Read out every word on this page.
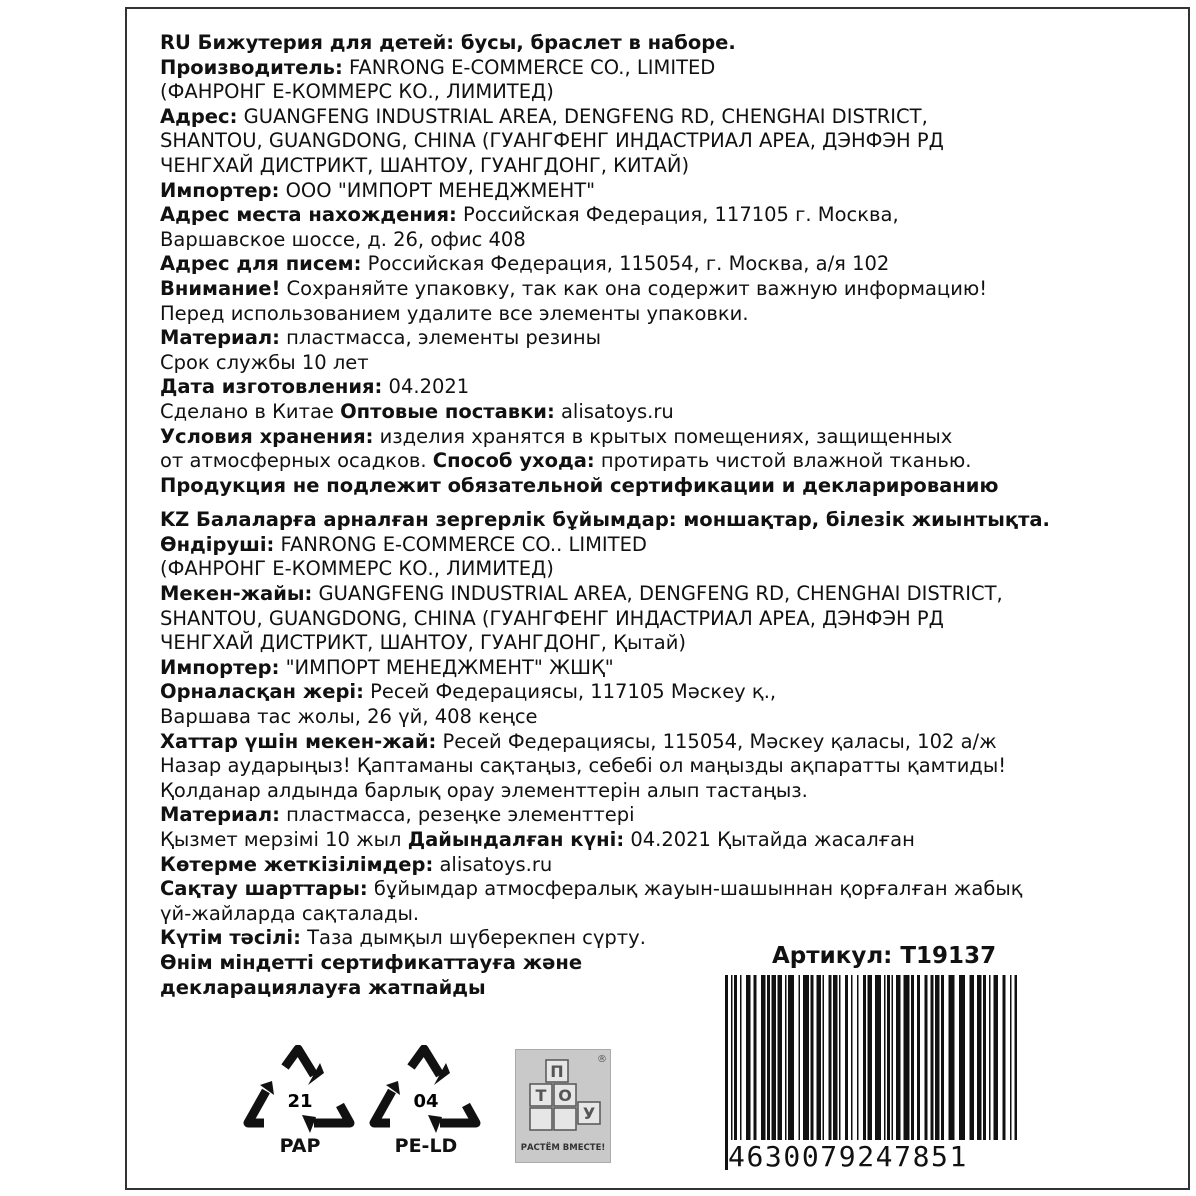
RU Бижутерия для детей: бусы, браслет в наборе.
Производитель: FANRONG E-COMMERCE CO., LIMITED
(ФАНРОНГ Е-КОММЕРС КО., ЛИМИТЕД)
Адрес: GUANGFENG INDUSTRIAL AREA, DENGFENG RD, CHENGHAI DISTRICT,
SHANTOU, GUANGDONG, CHINA (ГУАНГФЕНГ ИНДАСТРИАЛ АРЕА, ДЭНФЭН РД
ЧЕНГХАЙ ДИСТРИКТ, ШАНТОУ, ГУАНГДОНГ, КИТАЙ)
Импортер: ООО "ИМПОРТ МЕНЕДЖМЕНТ"
Адрес места нахождения: Российская Федерация, 117105 г. Москва,
Варшавское шоссе, д. 26, офис 408
Адрес для писем: Российская Федерация, 115054, г. Москва, а/я 102
Внимание! Сохраняйте упаковку, так как она содержит важную информацию!
Перед использованием удалите все элементы упаковки.
Материал: пластмасса, элементы резины
Срок службы 10 лет
Дата изготовления: 04.2021
Сделано в Китае Оптовые поставки: alisatoys.ru
Условия хранения: изделия хранятся в крытых помещениях, защищенных
от атмосферных осадков. Способ ухода: протирать чистой влажной тканью.
Продукция не подлежит обязательной сертификации и декларированию
KZ Балаларға арналған зергерлік бұйымдар: моншақтар, білезік жиынтықта.
Өндіруші: FANRONG E-COMMERCE CO.. LIMITED
(ФАНРОНГ Е-КОММЕРС КО., ЛИМИТЕД)
Мекен-жайы: GUANGFENG INDUSTRIAL AREA, DENGFENG RD, CHENGHAI DISTRICT,
SHANTOU, GUANGDONG, CHINA (ГУАНГФЕНГ ИНДАСТРИАЛ АРЕА, ДЭНФЭН РД
ЧЕНГХАЙ ДИСТРИКТ, ШАНТОУ, ГУАНГДОНГ, Қытай)
Импортер: "ИМПОРТ МЕНЕДЖМЕНТ" ЖШҚ"
Орналасқан жері: Ресей Федерациясы, 117105 Мәскеу қ.,
Варшава тас жолы, 26 үй, 408 кеңсе
Хаттар үшін мекен-жай: Ресей Федерациясы, 115054, Мәскеу қаласы, 102 а/ж
Назар аударыңыз! Қаптаманы сақтаңыз, себебі ол маңызды ақпаратты қамтиды!
Қолданар алдында барлық орау элементтерін алып тастаңыз.
Материал: пластмасса, резеңке элементтері
Қызмет мерзімі 10 жыл Дайындалған күні: 04.2021 Қытайда жасалған
Көтерме жеткізілімдер: alisatoys.ru
Сақтау шарттары: бұйымдар атмосфералық жауын-шашыннан қорғалған жабық
үй-жайларда сақталады.
Күтім тәсілі: Таза дымқыл шүберекпен сүрту.
Өнім міндетті сертификаттауға және
декларациялауға жатпайды
Артикул: T19137
4630079247851
21
PAP
04
PE-LD
П
Т О
У
®
РАСТЁМ ВМЕСТЕ!
